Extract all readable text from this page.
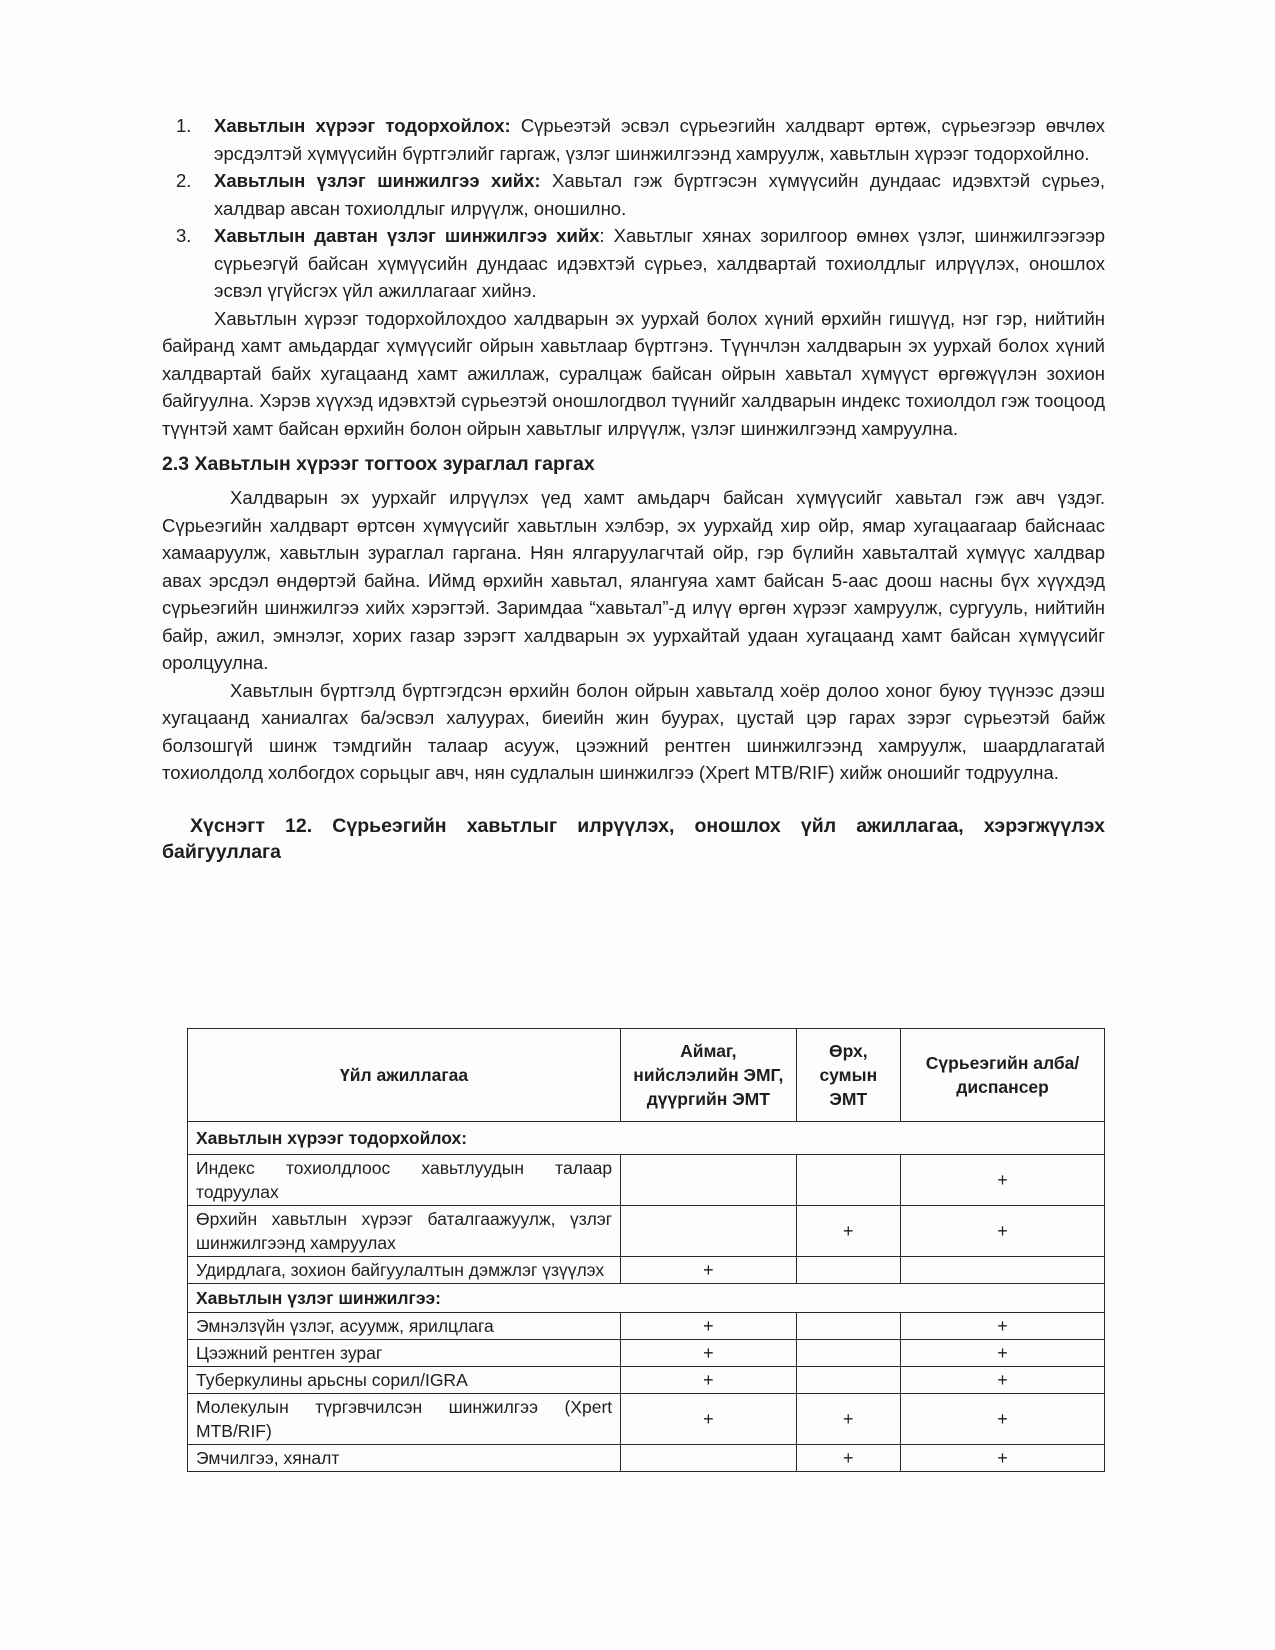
1. Хавьтлын хүрээг тодорхойлох: Сүрьеэтэй эсвэл сүрьеэгийн халдварт өртөж, сүрьеэгээр өвчлөх эрсдэлтэй хүмүүсийн бүртгэлийг гаргаж, үзлэг шинжилгээнд хамруулж, хавьтлын хүрээг тодорхойлно.
2. Хавьтлын үзлэг шинжилгээ хийх: Хавьтал гэж бүртгэсэн хүмүүсийн дундаас идэвхтэй сүрьеэ, халдвар авсан тохиолдлыг илрүүлж, оношилно.
3. Хавьтлын давтан үзлэг шинжилгээ хийх: Хавьтлыг хянах зорилгоор өмнөх үзлэг, шинжилгээгээр сүрьеэгүй байсан хүмүүсийн дундаас идэвхтэй сүрьеэ, халдвартай тохиолдлыг илрүүлэх, оношлох эсвэл үгүйсгэх үйл ажиллагааг хийнэ.

Хавьтлын хүрээг тодорхойлохдоо халдварын эх уурхай болох хүний өрхийн гишүүд, нэг гэр, нийтийн байранд хамт амьдардаг хүмүүсийг ойрын хавьтлаар бүртгэнэ. Түүнчлэн халдварын эх уурхай болох хүний халдвартай байх хугацаанд хамт ажиллаж, суралцаж байсан ойрын хавьтал хүмүүст өргөжүүлэн зохион байгуулна. Хэрэв хүүхэд идэвхтэй сүрьеэтэй оношлогдвол түүнийг халдварын индекс тохиолдол гэж тооцоод түүнтэй хамт байсан өрхийн болон ойрын хавьтлыг илрүүлж, үзлэг шинжилгээнд хамруулна.

2.3 Хавьтлын хүрээг тогтоох зураглал гаргах

Халдварын эх уурхайг илрүүлэх үед хамт амьдарч байсан хүмүүсийг хавьтал гэж авч үздэг. Сүрьеэгийн халдварт өртсөн хүмүүсийг хавьтлын хэлбэр, эх уурхайд хир ойр, ямар хугацаагаар байснаас хамааруулж, хавьтлын зураглал гаргана. Нян ялгаруулагчтай ойр, гэр бүлийн хавьталтай хүмүүс халдвар авах эрсдэл өндөртэй байна. Иймд өрхийн хавьтал, ялангуяа хамт байсан 5-аас доош насны бүх хүүхдэд сүрьеэгийн шинжилгээ хийх хэрэгтэй. Заримдаа “хавьтал”-д илүү өргөн хүрээг хамруулж, сургууль, нийтийн байр, ажил, эмнэлэг, хорих газар зэрэгт халдварын эх уурхайтай удаан хугацаанд хамт байсан хүмүүсийг оролцуулна.

Хавьтлын бүртгэлд бүртгэгдсэн өрхийн болон ойрын хавьталд хоёр долоо хоног буюу түүнээс дээш хугацаанд ханиалгах ба/эсвэл халуурах, биеийн жин буурах, цустай цэр гарах зэрэг сүрьеэтэй байж болзошгүй шинж тэмдгийн талаар асууж, цээжний рентген шинжилгээнд хамруулж, шаардлагатай тохиолдолд холбогдох сорьцыг авч, нян судлалын шинжилгээ (Xpert MTB/RIF) хийж оношийг тодруулна.

Хүснэгт 12. Сүрьеэгийн хавьтлыг илрүүлэх, оношлох үйл ажиллагаа, хэрэгжүүлэх байгууллага

Үйл ажиллагаа	Аймаг, нийслэлийн ЭМГ, дүүргийн ЭМТ	Өрх, сумын ЭМТ	Сүрьеэгийн алба/диспансер
Хавьтлын хүрээг тодорхойлох:			
Индекс тохиолдлоос хавьтлуудын талаар тодруулах			+
Өрхийн хавьтлын хүрээг баталгаажуулж, үзлэг шинжилгээнд хамруулах		+	+
Удирдлага, зохион байгуулалтын дэмжлэг үзүүлэх	+		
Хавьтлын үзлэг шинжилгээ:			
Эмнэлзүйн үзлэг, асуумж, ярилцлага	+		+
Цээжний рентген зураг	+		+
Туберкулины арьсны сорил/IGRA	+		+
Молекулын түргэвчилсэн шинжилгээ (Xpert MTB/RIF)	+	+	+
Эмчилгээ, хяналт		+	+
